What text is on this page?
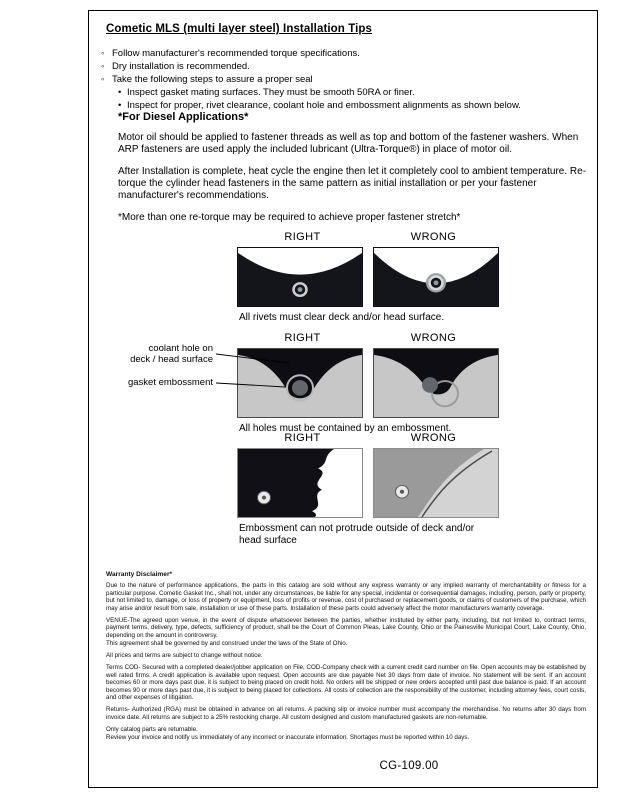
Cometic MLS (multi layer steel) Installation Tips
◦ Follow manufacturer's recommended torque specifications.
◦ Dry installation is recommended.
◦ Take the following steps to assure a proper seal
• Inspect gasket mating surfaces. They must be smooth 50RA or finer.
• Inspect for proper, rivet clearance, coolant hole and embossment alignments as shown below.
*For Diesel Applications*

Motor oil should be applied to fastener threads as well as top and bottom of the fastener washers. When ARP fasteners are used apply the included lubricant (Ultra-Torque®) in place of motor oil.

After Installation is complete, heat cycle the engine then let it completely cool to ambient temperature. Re-torque the cylinder head fasteners in the same pattern as initial installation or per your fastener manufacturer's recommendations.

*More than one re-torque may be required to achieve proper fastener stretch*

RIGHT	WRONG
All rivets must clear deck and/or head surface.
RIGHT	WRONG
All holes must be contained by an embossment.
RIGHT	WRONG
Embossment can not protrude outside of deck and/or head surface
coolant hole on
deck / head surface
gasket embossment
Warranty Disclaimer*

Due to the nature of performance applications, the parts in this catalog are sold without any express warranty or any implied warranty of merchantability or fitness for a particular purpose. Cometic Gasket Inc., shall not, under any circumstances, be liable for any special, incidental or consequential damages, including, person, party or property, but not limited to, damage, or loss of property or equipment, loss of profits or revenue, cost of purchased or replacement goods, or claims of customers of the purchase, which may arise and/or result from sale, installation or use of these parts. Installation of these parts could adversely affect the motor manufacturers warranty coverage.

VENUE-The agreed upon venue, in the event of dispute whatsoever between the parties, whether instituted by either party, including, but not limited to, contract terms, payment terms, delivery, type, defects, sufficiency of product, shall be the Court of Common Pleas, Lake County, Ohio or the Painesville Municipal Court, Lake County, Ohio, depending on the amount in controversy.

This agreement shall be governed by and construed under the laws of the State of Ohio.

All prices and terms are subject to change without notice.

Terms COD- Secured with a completed dealer/jobber application on File, COD-Company check with a current credit card number on file. Open accounts may be established by well rated firms. A credit application is available upon request. Open accounts are due payable Net 30 days from date of invoice. No statement will be sent. If an account becomes 60 or more days past due, it is subject to being placed on credit hold. No orders will be shipped or new orders accepted until past due balance is paid. If an account becomes 90 or more days past due, it is subject to being placed for collections. All costs of collection are the responsibility of the customer, including attorney fees, court costs, and other expenses of litigation.

Returns- Authorized (RGA) must be obtained in advance on all returns. A packing slip or invoice number must accompany the merchandise. No returns after 30 days from invoice date. All returns are subject to a 25% restocking charge. All custom designed and custom manufactured gaskets are non-returnable.

Only catalog parts are returnable.

Review your invoice and notify us immediately of any incorrect or inaccurate information. Shortages must be reported within 10 days.

CG-109.00
